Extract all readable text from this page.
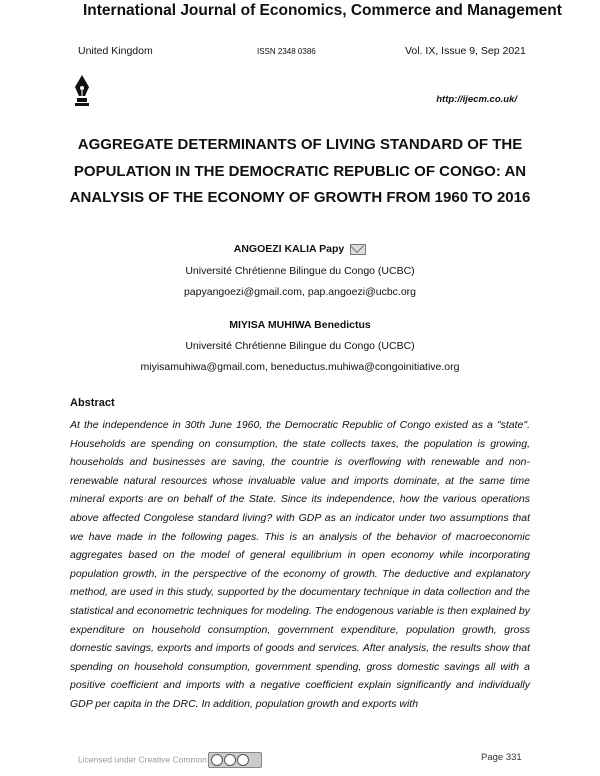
International Journal of Economics, Commerce and Management
United Kingdom	ISSN 2348 0386	Vol. IX, Issue 9, Sep 2021
http://ijecm.co.uk/
AGGREGATE DETERMINANTS OF LIVING STANDARD OF THE POPULATION IN THE DEMOCRATIC REPUBLIC OF CONGO: AN ANALYSIS OF THE ECONOMY OF GROWTH FROM 1960 TO 2016
ANGOEZI KALIA Papy
Université Chrétienne Bilingue du Congo (UCBC)
papyangoezi@gmail.com, pap.angoezi@ucbc.org
MIYISA MUHIWA Benedictus
Université Chrétienne Bilingue du Congo (UCBC)
miyisamuhiwa@gmail.com, beneductus.muhiwa@congoinitiative.org
Abstract
At the independence in 30th June 1960, the Democratic Republic of Congo existed as a "state". Households are spending on consumption, the state collects taxes, the population is growing, households and businesses are saving, the countrie is overflowing with renewable and non-renewable natural resources whose invaluable value and imports dominate, at the same time mineral exports are on behalf of the State. Since its independence, how the various operations above affected Congolese standard living? with GDP as an indicator under two assumptions that we have made in the following pages. This is an analysis of the behavior of macroeconomic aggregates based on the model of general equilibrium in open economy while incorporating population growth, in the perspective of the economy of growth. The deductive and explanatory method, are used in this study, supported by the documentary technique in data collection and the statistical and econometric techniques for modeling. The endogenous variable is then explained by expenditure on household consumption, government expenditure, population growth, gross domestic savings, exports and imports of goods and services. After analysis, the results show that spending on household consumption, government spending, gross domestic savings all with a positive coefficient and imports with a negative coefficient explain significantly and individually GDP per capita in the DRC. In addition, population growth and exports with
Licensed under Creative Common	Page 331
